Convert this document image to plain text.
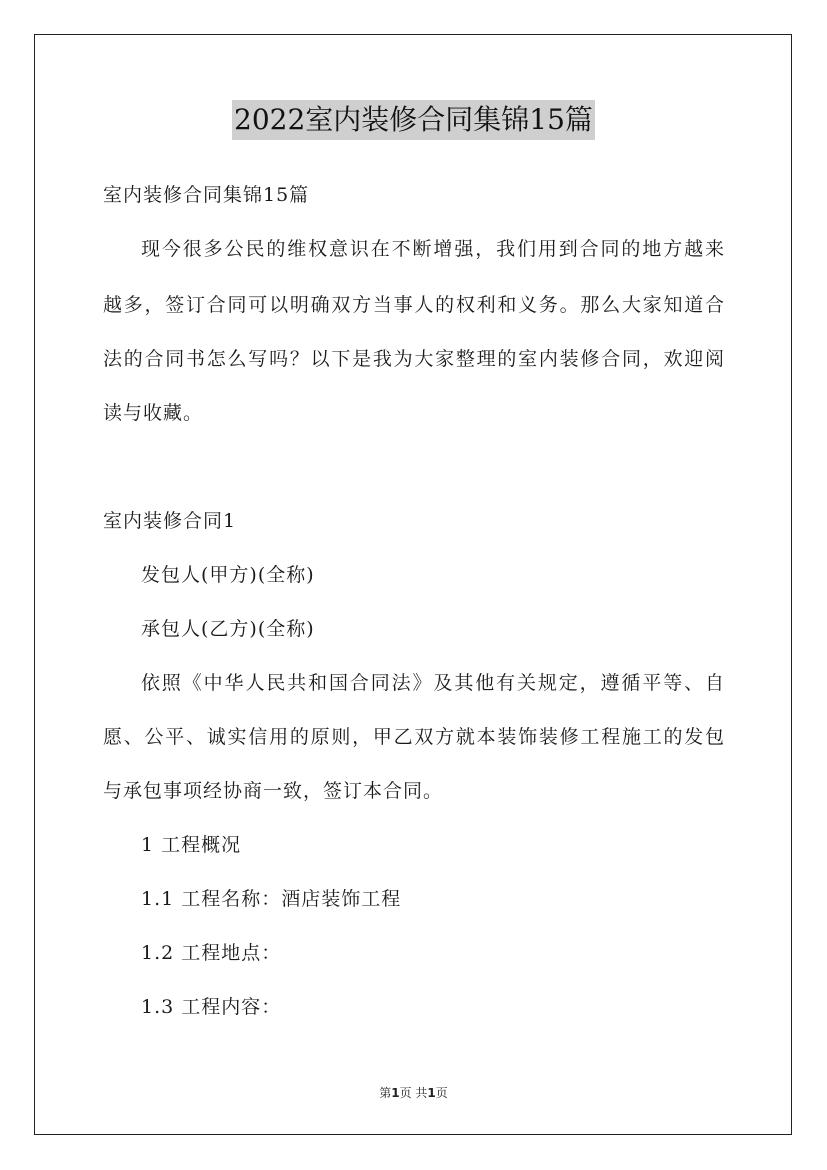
2022室内装修合同集锦15篇
室内装修合同集锦15篇
现今很多公民的维权意识在不断增强，我们用到合同的地方越来
越多，签订合同可以明确双方当事人的权利和义务。那么大家知道合
法的合同书怎么写吗？以下是我为大家整理的室内装修合同，欢迎阅
读与收藏。
室内装修合同1
发包人(甲方)(全称)
承包人(乙方)(全称)
依照《中华人民共和国合同法》及其他有关规定，遵循平等、自
愿、公平、诚实信用的原则，甲乙双方就本装饰装修工程施工的发包
与承包事项经协商一致，签订本合同。
1 工程概况
1.1 工程名称：酒店装饰工程
1.2 工程地点：
1.3 工程内容：
第1页 共1页
